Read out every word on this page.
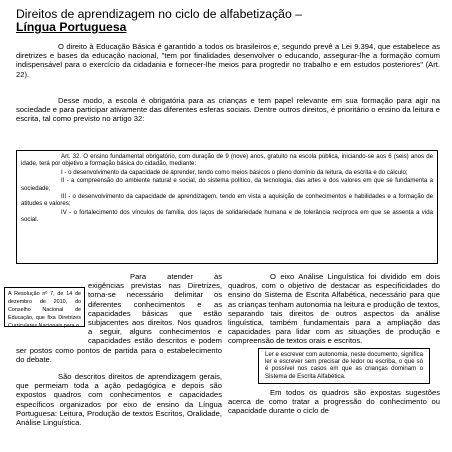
Direitos de aprendizagem no ciclo de alfabetização –
Língua Portuguesa

O direito à Educação Básica é garantido a todos os brasileiros e, segundo prevê a Lei 9.394, que estabelece as diretrizes e bases da educação nacional, "tem por finalidades desenvolver o educando, assegurar-lhe a formação comum indispensável para o exercício da cidadania e fornecer-lhe meios para progredir no trabalho e em estudos posteriores" (Art. 22).

Desse modo, a escola é obrigatória para as crianças e tem papel relevante em sua formação para agir na sociedade e para participar ativamente das diferentes esferas sociais. Dentre outros direitos, é prioritário o ensino da leitura e escrita, tal como previsto no artigo 32:

Art. 32. O ensino fundamental obrigatório, com duração de 9 (nove) anos, gratuito na escola pública, iniciando-se aos 6 (seis) anos de idade, terá por objetivo a formação básica do cidadão, mediante:

I - o desenvolvimento da capacidade de aprender, tendo como meios básicos o pleno domínio da leitura, da escrita e do cálculo;

II - a compreensão do ambiente natural e social, do sistema político, da tecnologia, das artes e dos valores em que se fundamenta a sociedade;

III - o desenvolvimento da capacidade de aprendizagem, tendo em vista a aquisição de conhecimentos e habilidades e a formação de atitudes e valores;

IV - o fortalecimento dos vínculos de família, dos laços de solidariedade humana e de tolerância recíproca em que se assenta a vida social.

Para atender às exigências previstas nas Diretrizes, torna-se necessário delimitar os diferentes conhecimentos e as capacidades básicas que estão subjacentes aos direitos. Nos quadros a seguir, alguns conhecimentos e capacidades estão descritos e podem ser postos como pontos de partida para o estabelecimento do debate.

A Resolução nº 7, de 14 de dezembro de 2010, do Conselho Nacional de Educação, que fixa Diretrizes Curriculares Nacionais para o

São descritos direitos de aprendizagem gerais, que permeiam toda a ação pedagógica e depois são expostos quadros com conhecimentos e capacidades específicos organizados por eixo de ensino da Língua Portuguesa: Leitura, Produção de textos Escritos, Oralidade, Análise Linguística.

O eixo Análise Linguística foi dividido em dois quadros, com o objetivo de destacar as especificidades do ensino do Sistema de Escrita Alfabética, necessário para que as crianças tenham autonomia na leitura e produção de textos, separando tais direitos de outros aspectos da análise linguística, também fundamentais para a ampliação das capacidades para lidar com as situações de produção e compreensão de textos orais e escritos.

Ler e escrever com autonomia, neste documento, significa ler e escrever sem precisar de ledor ou escriba, o que só é possível nos casos em que as crianças dominam o Sistema de Escrita Alfabética.

Em todos os quadros são expostas sugestões acerca de como tratar a progressão do conhecimento ou capacidade durante o ciclo de
